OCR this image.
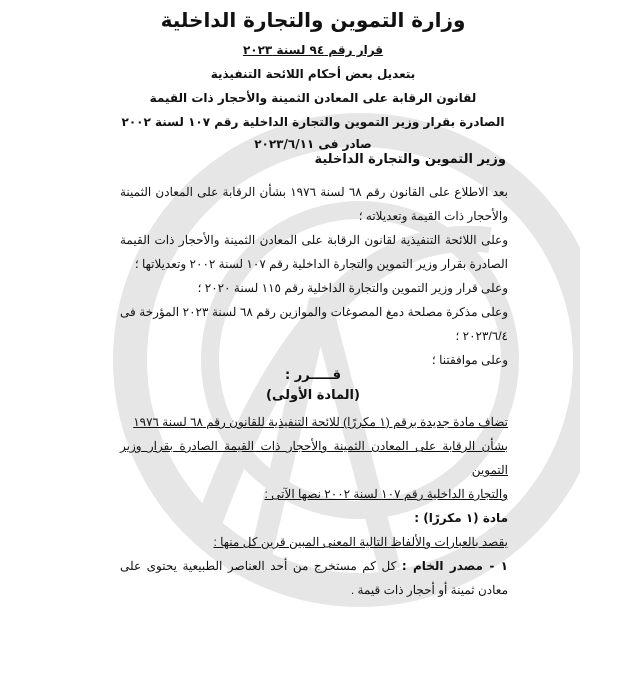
وزارة التموين والتجارة الداخلية

قرار رقم ٩٤ لسنة ٢٠٢٣

بتعديل بعض أحكام اللائحة التنفيذية

لقانون الرقابة على المعادن الثمينة والأحجار ذات القيمة

الصادرة بقرار وزير التموين والتجارة الداخلية رقم ١٠٧ لسنة ٢٠٠٢

صادر فى ٢٠٢٣/٦/١١

وزير التموين والتجارة الداخلية

بعد الاطلاع على القانون رقم ٦٨ لسنة ١٩٧٦ بشأن الرقابة على المعادن الثمينة والأحجار ذات القيمة وتعديلاته ؛

وعلى اللائحة التنفيذية لقانون الرقابة على المعادن الثمينة والأحجار ذات القيمة الصادرة بقرار وزير التموين والتجارة الداخلية رقم ١٠٧ لسنة ٢٠٠٢ وتعديلاتها ؛

وعلى قرار وزير التموين والتجارة الداخلية رقم ١١٥ لسنة ٢٠٢٠ ؛

وعلى مذكرة مصلحة دمغ المصوغات والموازين رقم ٦٨ لسنة ٢٠٢٣ المؤرخة فى ٢٠٢٣/٦/٤ ؛

وعلى موافقتنا ؛

قـــــرر :
(المادة الأولى)

تضاف مادة جديدة برقم (١ مكررًا) للائحة التنفيذية للقانون رقم ٦٨ لسنة ١٩٧٦

بشأن الرقابة على المعادن الثمينة والأحجار ذات القيمة الصادرة بقرار وزير التموين

والتجارة الداخلية رقم ١٠٧ لسنة ٢٠٠٢ نصها الآتى :

مادة (١ مكررًا) :

يقصد بالعبارات والألفاظ التالية المعنى المبين قرين كل منها :

١ - مصدر الخام : كل كم مستخرج من أحد العناصر الطبيعية يحتوى على معادن ثمينة أو أحجار ذات قيمة .
